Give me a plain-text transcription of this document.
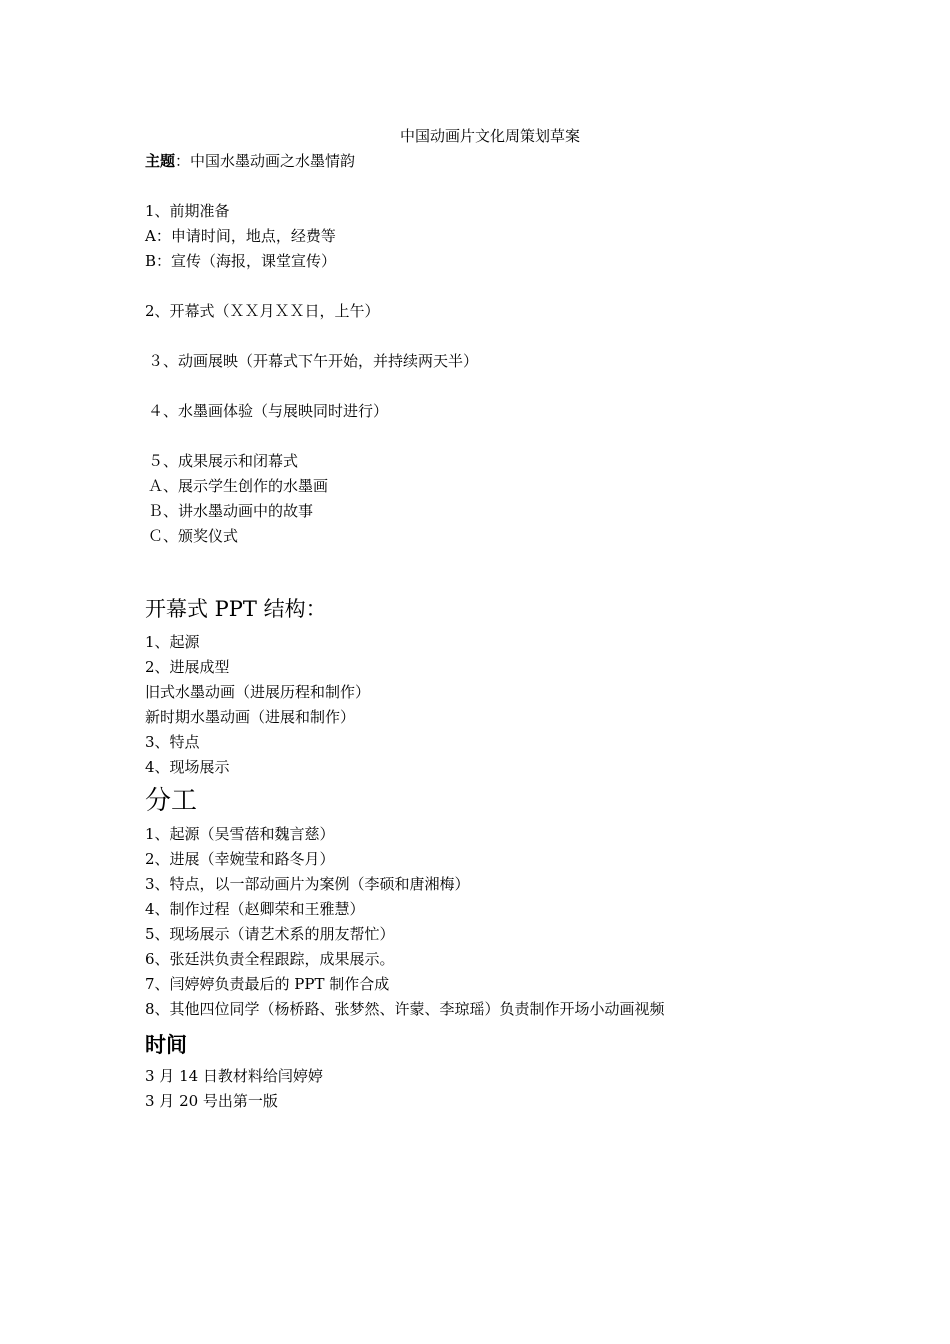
中国动画片文化周策划草案
主题：中国水墨动画之水墨情韵
1、前期准备
A：申请时间，地点，经费等
B：宣传（海报，课堂宣传）
2、开幕式（ＸＸ月ＸＸ日，上午）
３、动画展映（开幕式下午开始，并持续两天半）
４、水墨画体验（与展映同时进行）
５、成果展示和闭幕式
Ａ、展示学生创作的水墨画
Ｂ、讲水墨动画中的故事
Ｃ、颁奖仪式
开幕式 PPT 结构：
1、起源
2、进展成型
旧式水墨动画（进展历程和制作）
新时期水墨动画（进展和制作）
3、特点
4、现场展示
分工
1、起源（吴雪蓓和魏言慈）
2、进展（幸婉莹和路冬月）
3、特点，以一部动画片为案例（李硕和唐湘梅）
4、制作过程（赵卿荣和王雅慧）
5、现场展示（请艺术系的朋友帮忙）
6、张廷洪负责全程跟踪，成果展示。
7、闫婷婷负责最后的 PPT 制作合成
8、其他四位同学（杨桥路、张梦然、许蒙、李琼瑶）负责制作开场小动画视频
时间
3 月 14 日教材料给闫婷婷
3 月 20 号出第一版
